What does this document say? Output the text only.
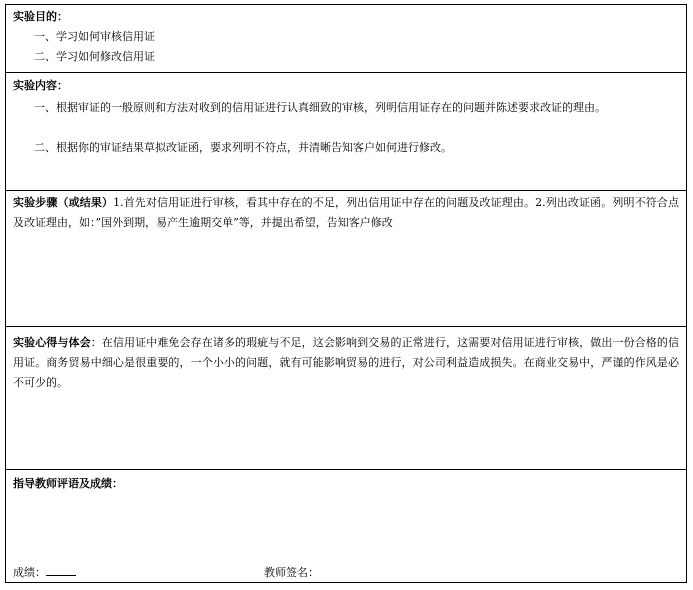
实验目的：
一、学习如何审核信用证
二、学习如何修改信用证
实验内容：
一、根据审证的一般原则和方法对收到的信用证进行认真细致的审核，列明信用证存在的问题并陈述要求改证的理由。
二、根据你的审证结果草拟改证函，要求列明不符点，并清晰告知客户如何进行修改。
实验步骤（或结果）1.首先对信用证进行审核，看其中存在的不足，列出信用证中存在的问题及改证理由。2.列出改证函。列明不符合点及改证理由，如：”国外到期，易产生逾期交单”等，并提出希望，告知客户修改
实验心得与体会：在信用证中难免会存在诸多的瑕疵与不足，这会影响到交易的正常进行，这需要对信用证进行审核，做出一份合格的信用证。商务贸易中细心是很重要的，一个小小的问题，就有可能影响贸易的进行，对公司利益造成损失。在商业交易中，严谨的作风是必不可少的。
指导教师评语及成绩：
成绩：	教师签名：
